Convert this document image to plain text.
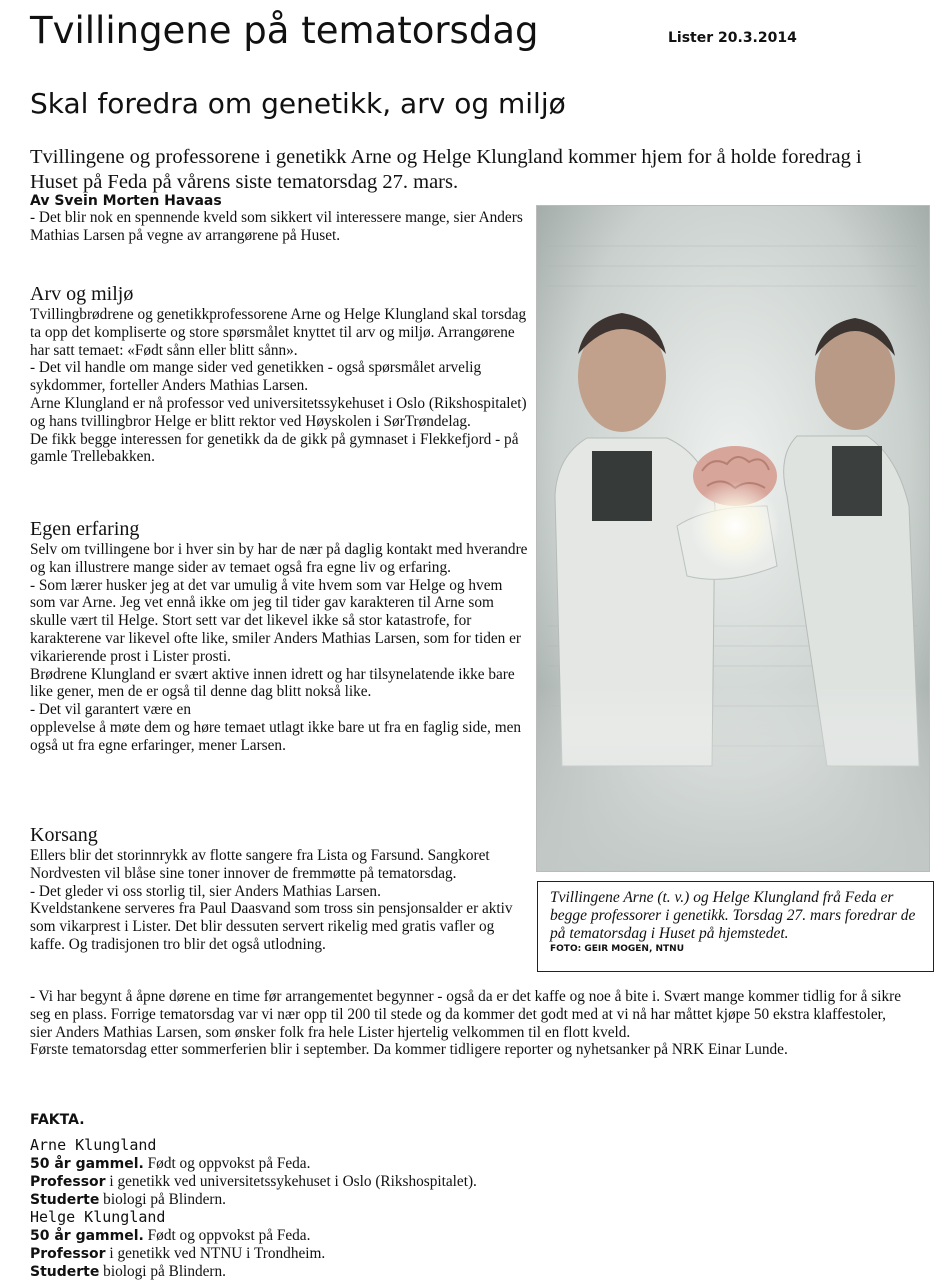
Tvillingene på tematorsdag	Lister 20.3.2014
Skal foredra om genetikk, arv og miljø
Tvillingene og professorene i genetikk Arne og Helge Klungland kommer hjem for å holde foredrag i Huset på Feda på vårens siste tematorsdag 27. mars.
Av Svein Morten Havaas

- Det blir nok en spennende kveld som sikkert vil interessere mange, sier Anders Mathias Larsen på vegne av arrangørene på Huset.

Arv og miljø

Tvillingbrødrene og genetikkprofessorene Arne og Helge Klungland skal torsdag ta opp det kompliserte og store spørsmålet knyttet til arv og miljø. Arrangørene har satt temaet: «Født sånn eller blitt sånn».

- Det vil handle om mange sider ved genetikken - også spørsmålet arvelig sykdommer, forteller Anders Mathias Larsen.

Arne Klungland er nå professor ved universitetssykehuset i Oslo (Rikshospitalet) og hans tvillingbror Helge er blitt rektor ved Høyskolen i SørTrøndelag.

De fikk begge interessen for genetikk da de gikk på gymnaset i Flekkefjord - på gamle Trellebakken.

Egen erfaring

Selv om tvillingene bor i hver sin by har de nær på daglig kontakt med hverandre og kan illustrere mange sider av temaet også fra egne liv og erfaring.

- Som lærer husker jeg at det var umulig å vite hvem som var Helge og hvem som var Arne. Jeg vet ennå ikke om jeg til tider gav karakteren til Arne som skulle vært til Helge. Stort sett var det likevel ikke så stor katastrofe, for karakterene var likevel ofte like, smiler Anders Mathias Larsen, som for tiden er vikarierende prost i Lister prosti.

Brødrene Klungland er svært aktive innen idrett og har tilsynelatende ikke bare like gener, men de er også til denne dag blitt nokså like.

- Det vil garantert være en

opplevelse å møte dem og høre temaet utlagt ikke bare ut fra en faglig side, men også ut fra egne erfaringer, mener Larsen.

Korsang

Ellers blir det storinnrykk av flotte sangere fra Lista og Farsund. Sangkoret Nordvesten vil blåse sine toner innover de fremmøtte på tematorsdag.

- Det gleder vi oss storlig til, sier Anders Mathias Larsen.

Kveldstankene serveres fra Paul Daasvand som tross sin pensjonsalder er aktiv som vikarprest i Lister. Det blir dessuten servert rikelig med gratis vafler og kaffe. Og tradisjonen tro blir det også utlodning.

- Vi har begynt å åpne dørene en time før arrangementet begynner - også da er det kaffe og noe å bite i. Svært mange kommer tidlig for å sikre seg en plass. Forrige tematorsdag var vi nær opp til 200 til stede og da kommer det godt med at vi nå har måttet kjøpe 50 ekstra klaffestoler, sier Anders Mathias Larsen, som ønsker folk fra hele Lister hjertelig velkommen til en flott kveld.

Første tematorsdag etter sommerferien blir i september. Da kommer tidligere reporter og nyhetsanker på NRK Einar Lunde.

Tvillingene Arne (t. v.) og Helge Klungland frå Feda er begge professorer i genetikk. Torsdag 27. mars foredrar de på tematorsdag i Huset på hjemstedet.
FOTO: GEIR MOGEN, NTNU

FAKTA.

Arne Klungland

50 år gammel. Født og oppvokst på Feda.

Professor i genetikk ved universitetssykehuset i Oslo (Rikshospitalet).

Studerte biologi på Blindern.

Helge Klungland

50 år gammel. Født og oppvokst på Feda.

Professor i genetikk ved NTNU i Trondheim.

Studerte biologi på Blindern.
